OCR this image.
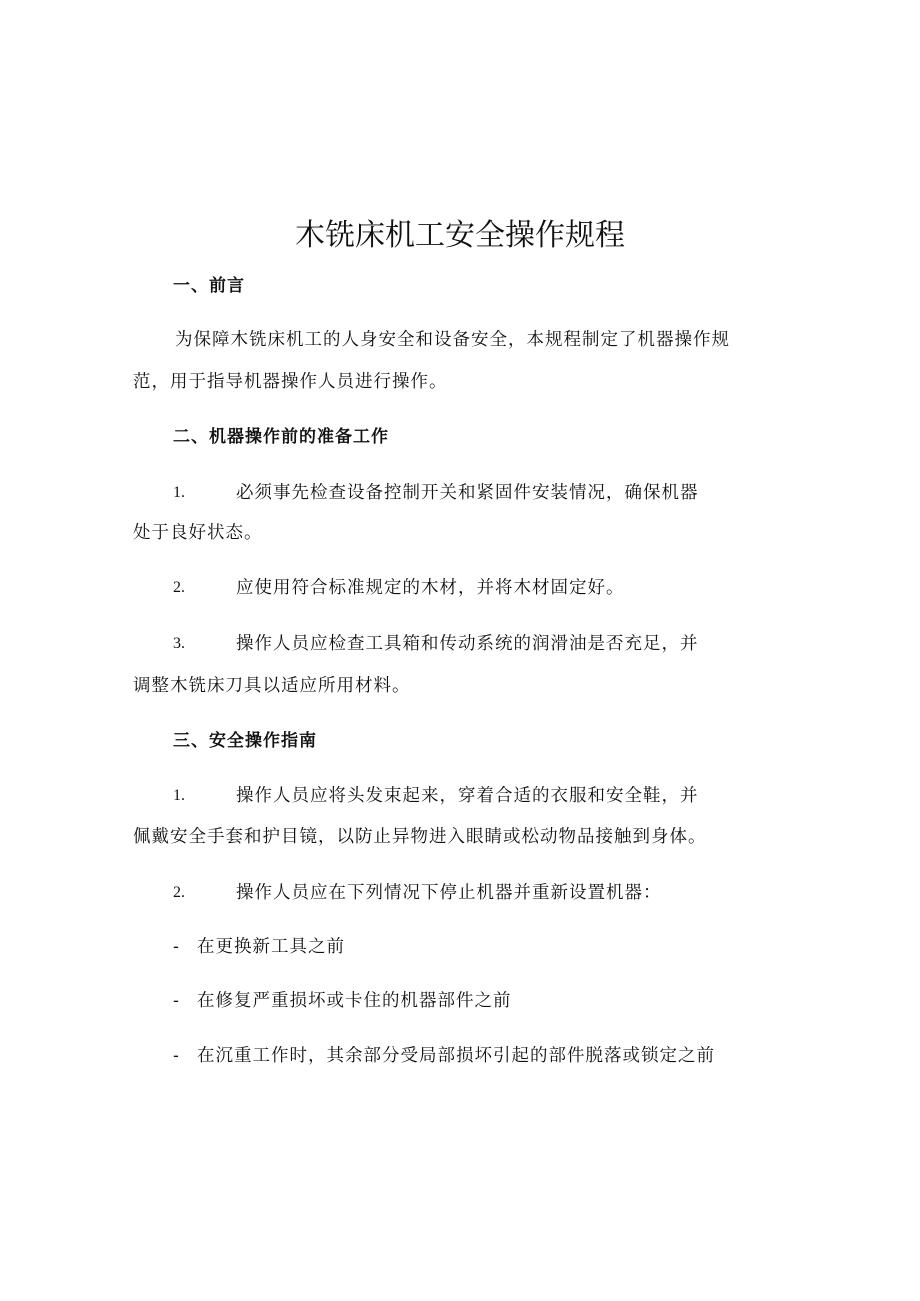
木铣床机工安全操作规程
一、前言
为保障木铣床机工的人身安全和设备安全，本规程制定了机器操作规
范，用于指导机器操作人员进行操作。
二、机器操作前的准备工作
1.	必须事先检查设备控制开关和紧固件安装情况，确保机器
处于良好状态。
2.	应使用符合标准规定的木材，并将木材固定好。
3.	操作人员应检查工具箱和传动系统的润滑油是否充足，并
调整木铣床刀具以适应所用材料。
三、安全操作指南
1.	操作人员应将头发束起来，穿着合适的衣服和安全鞋，并
佩戴安全手套和护目镜，以防止异物进入眼睛或松动物品接触到身体。
2.	操作人员应在下列情况下停止机器并重新设置机器：
- 在更换新工具之前
- 在修复严重损坏或卡住的机器部件之前
- 在沉重工作时，其余部分受局部损坏引起的部件脱落或锁定之前
